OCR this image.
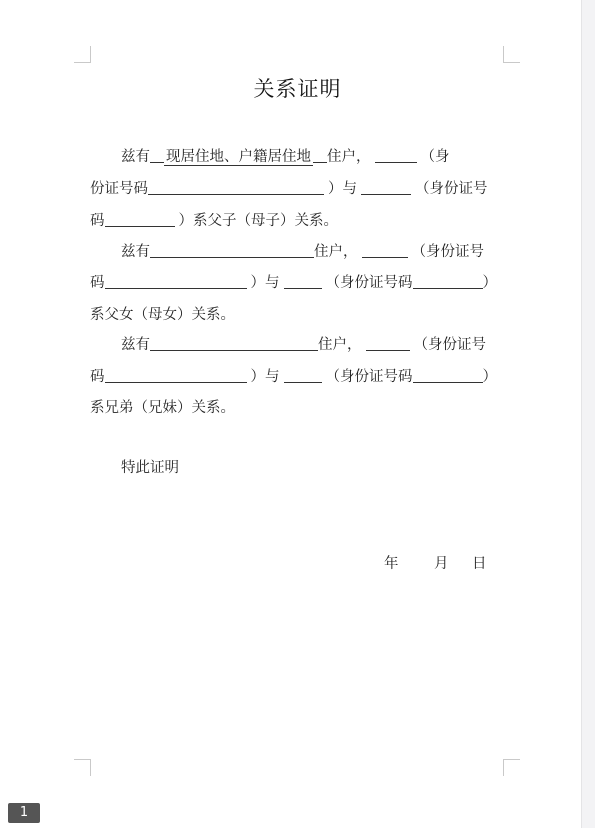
关系证明
兹有 现居住地、户籍居住地 住户，	（身
份证号码	）与	（身份证号
码	）系父子（母子）关系。
兹有	住户，	（身份证号
码	）与	（身份证号码	）
系父女（母女）关系。
兹有	住户，	（身份证号
码	）与	（身份证号码	）
系兄弟（兄妹）关系。
特此证明
年 月 日
1
